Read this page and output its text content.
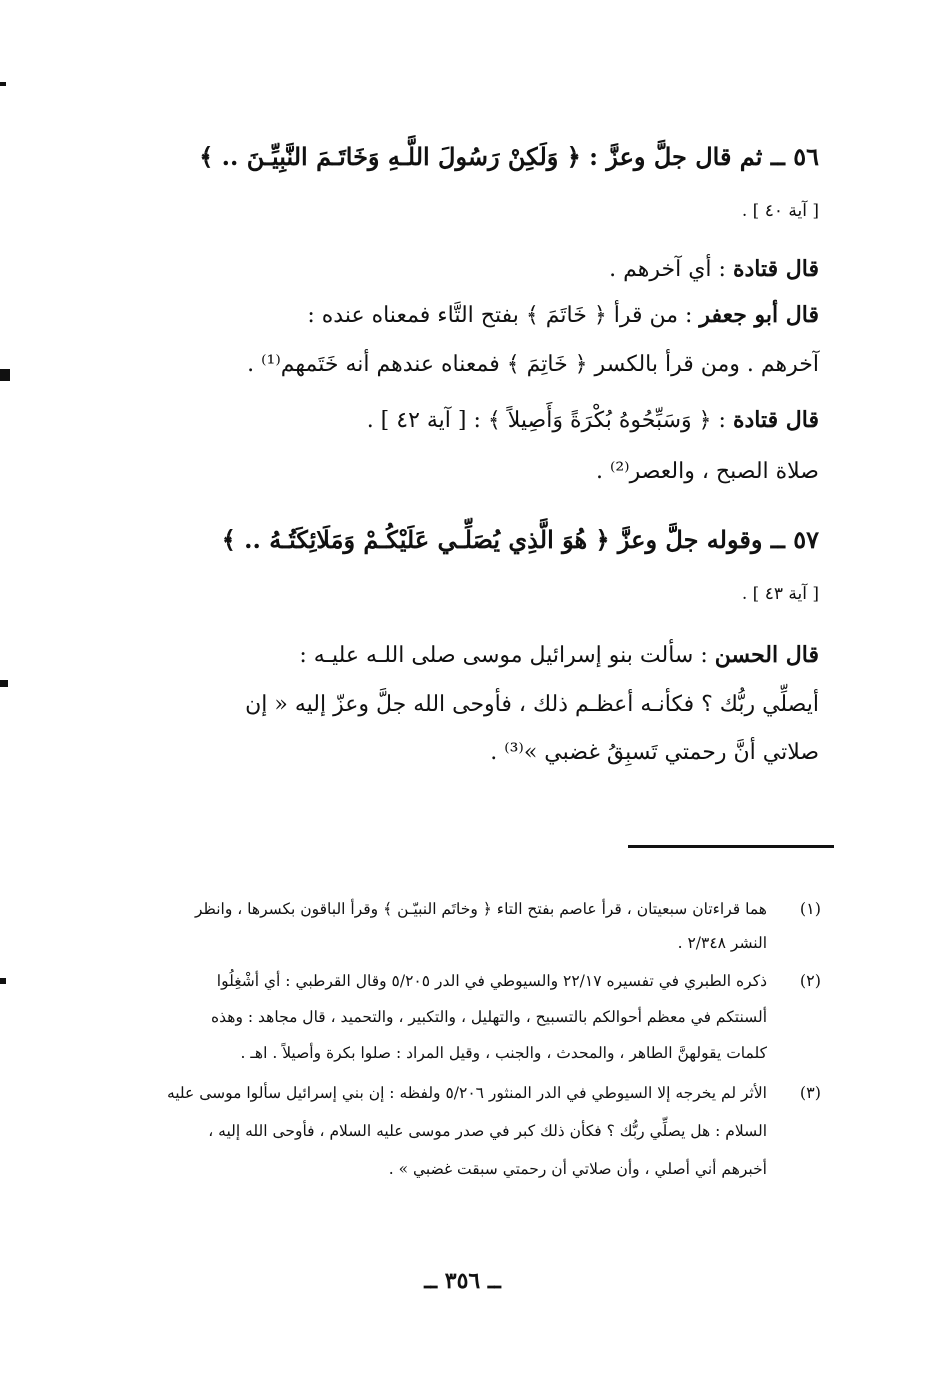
٥٦ ــ ثم قال جلَّ وعزَّ : ﴿ وَلَكِنْ رَسُولَ اللَّـهِ وَخَاتَـمَ النَّبِيِّـنَ .. ﴾
[ آية ٤٠ ] .
قال قتادة : أي آخرهم .
قال أبو جعفر : من قرأ ﴿ خَاتَمَ ﴾ بفتح التَّاء فمعناه عنده :
آخرهم . ومن قرأ بالكسر ﴿ خَاتِمَ ﴾ فمعناه عندهم أنه خَتَمهم⁽¹⁾ .
قال قتادة : ﴿ وَسَبِّحُوهُ بُكْرَةً وَأَصِيلاً ﴾ : [ آية ٤٢ ] .
صلاة الصبح ، والعصر⁽²⁾ .
٥٧ ــ وقوله جلَّ وعزَّ ﴿ هُوَ الَّذِي يُصَلِّـي عَلَيْكُـمْ وَمَلَائِكَتُـهُ .. ﴾
[ آية ٤٣ ] .
قال الحسن : سألت بنو إسرائيل موسى صلى اللـه عليـه :
أيصلِّي ربُّك ؟ فكأنـه أعظـم ذلك ، فأوحى الله جلَّ وعزّ إليه « إن
صلاتي أنَّ رحمتي تَسبِقُ غضبي »⁽³⁾ .
(١)
هما قراءتان سبعيتان ، قرأ عاصم بفتح التاء ﴿ وخاتَم النبيّـن ﴾ وقرأ الباقون بكسرها ، وانظر
النشر ٢/٣٤٨ .
(٢)
ذكره الطبري في تفسيره ٢٢/١٧ والسيوطي في الدر ٥/٢٠٥ وقال القرطبي : أي أشْغِلُوا
ألسنتكم في معظم أحوالكم بالتسبيح ، والتهليل ، والتكبير ، والتحميد ، قال مجاهد : وهذه
كلمات يقولهنَّ الطاهر ، والمحدث ، والجنب ، وقيل المراد : صلوا بكرة وأصيلاً . اهـ .
(٣)
الأثر لم يخرجه إلا السيوطي في الدر المنثور ٥/٢٠٦ ولفظه : إن بني إسرائيل سألوا موسى عليه
السلام : هل يصلِّي ربُّك ؟ فكأن ذلك كبر في صدر موسى عليه السلام ، فأوحى الله إليه ،
أخبرهم أني أصلي ، وأن صلاتي أن رحمتي سبقت غضبي » .
ــ ٣٥٦ ــ
